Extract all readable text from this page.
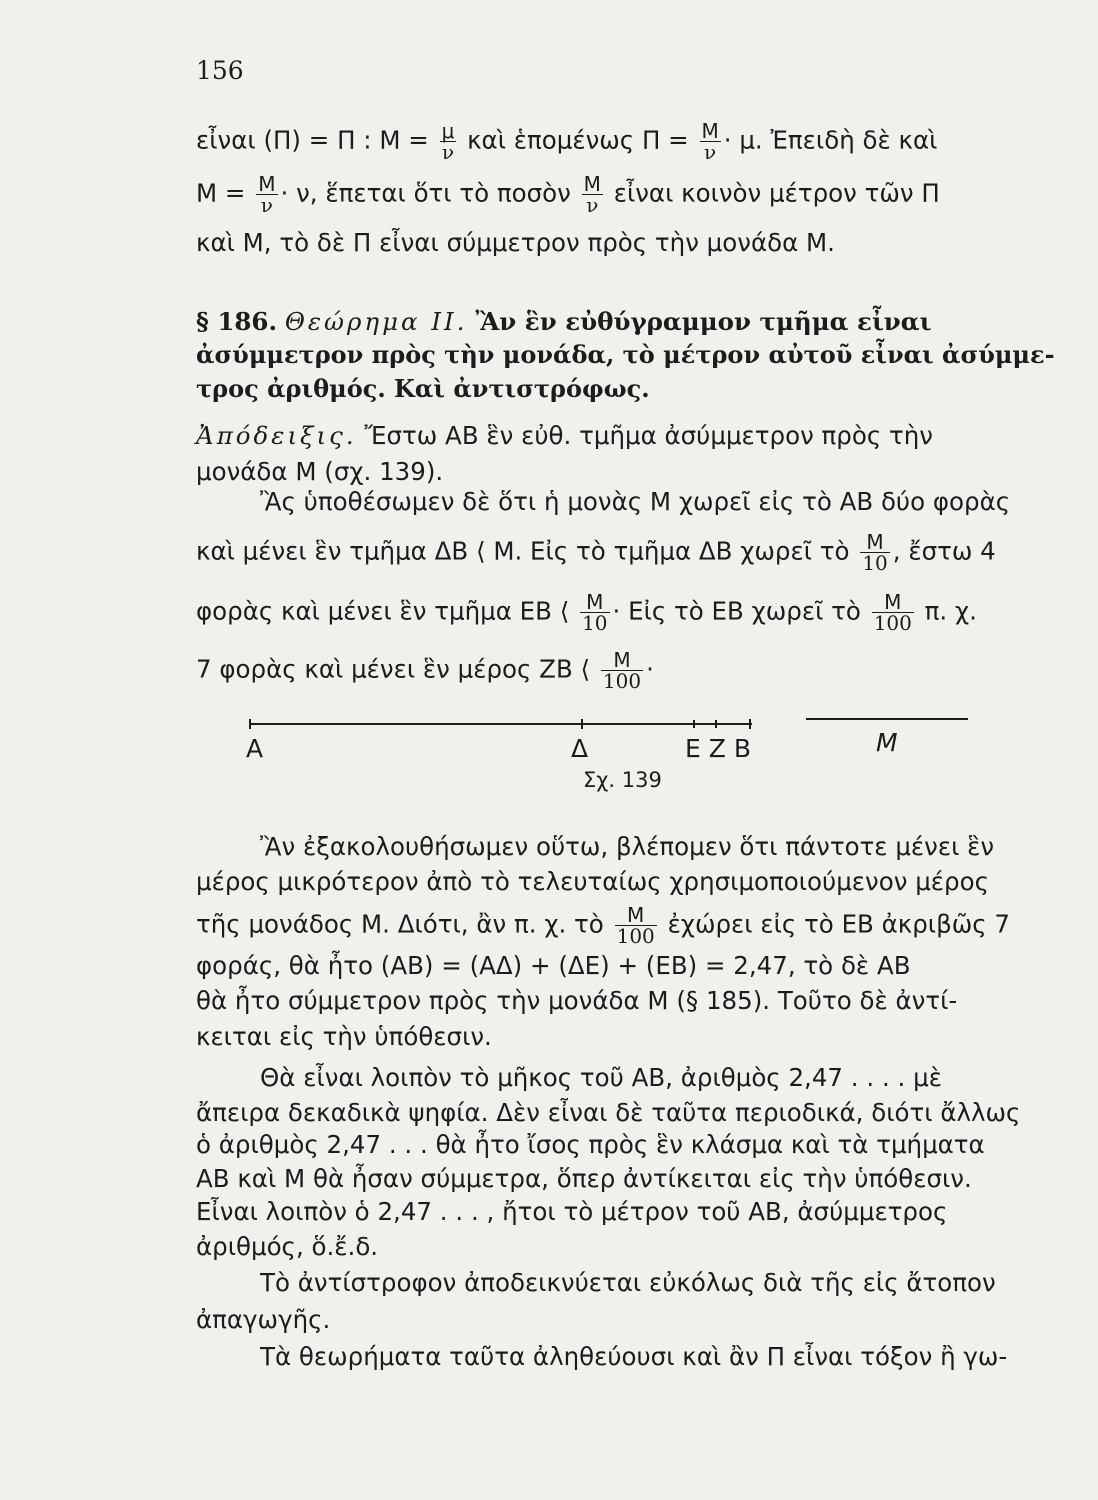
156
εἶναι (Π) = Π : $M = \frac{\mu}{\nu}$ καὶ ἑπομένως $\Pi = \frac{M}{\nu} \cdot \mu$. Ἐπειδὴ δὲ καὶ
$M = \frac{M}{\nu} \cdot \nu$, ἕπεται ὅτι τὸ ποσὸν $\frac{M}{\nu}$ εἶναι κοινὸν μέτρον τῶν Π
καὶ Μ, τὸ δὲ Π εἶναι σύμμετρον πρὸς τὴν μονάδα Μ.
§ 186. Θεώρημα ΙΙ. Ἂν ἓν εὐθύγραμμον τμῆμα εἶναι
ἀσύμμετρον πρὸς τὴν μονάδα, τὸ μέτρον αὐτοῦ εἶναι ἀσύμμε-
τρος ἀριθμός. Καὶ ἀντιστρόφως.
Ἀπόδειξις. Ἔστω ΑΒ ἓν εὐθ. τμῆμα ἀσύμμετρον πρὸς τὴν
μονάδα Μ (σχ. 139).
Ἂς ὑποθέσωμεν δὲ ὅτι ἡ μονὰς Μ χωρεῖ εἰς τὸ ΑΒ δύο φορὰς
καὶ μένει ἓν τμῆμα ΔΒ ⟨ Μ. Εἰς τὸ τμῆμα ΔΒ χωρεῖ τὸ $\frac{M}{10}$ , ἔστω 4
φορὰς καὶ μένει ἓν τμῆμα ΕΒ ⟨ $\frac{M}{10}$ · Εἰς τὸ ΕΒ χωρεῖ τὸ $\frac{M}{100} \pi$. χ.
7 φορὰς καὶ μένει ἓν μέρος ΖΒ ⟨ $\frac{M}{100}$ ·
Α	Δ	Ε Ζ Β	Μ
Σχ. 139
Ἂν ἐξακολουθήσωμεν οὕτω, βλέπομεν ὅτι πάντοτε μένει ἓν
μέρος μικρότερον ἀπὸ τὸ τελευταίως χρησιμοποιούμενον μέρος
τῆς μονάδος Μ. Διότι, ἂν π. χ. τὸ $\frac{M}{100}$ ἐχώρει εἰς τὸ ΕΒ ἀκριβῶς 7
φοράς, θὰ ἦτο (ΑΒ) = (ΑΔ) + (ΔΕ) + (ΕΒ) = 2,47, τὸ δὲ ΑΒ
θὰ ἦτο σύμμετρον πρὸς τὴν μονάδα Μ (§ 185). Τοῦτο δὲ ἀντί-
κειται εἰς τὴν ὑπόθεσιν.
Θὰ εἶναι λοιπὸν τὸ μῆκος τοῦ ΑΒ, ἀριθμὸς 2,47 . . . . μὲ
ἄπειρα δεκαδικὰ ψηφία. Δὲν εἶναι δὲ ταῦτα περιοδικά, διότι ἄλλως
ὁ ἀριθμὸς 2,47 . . . θὰ ἦτο ἴσος πρὸς ἓν κλάσμα καὶ τὰ τμήματα
ΑΒ καὶ Μ θὰ ἦσαν σύμμετρα, ὅπερ ἀντίκειται εἰς τὴν ὑπόθεσιν.
Εἶναι λοιπὸν ὁ 2,47 . . . , ἤτοι τὸ μέτρον τοῦ ΑΒ, ἀσύμμετρος
ἀριθμός, ὅ.ἔ.δ.
Τὸ ἀντίστροφον ἀποδεικνύεται εὐκόλως διὰ τῆς εἰς ἄτοπον
ἀπαγωγῆς.
Τὰ θεωρήματα ταῦτα ἀληθεύουσι καὶ ἂν Π εἶναι τόξον ἢ γω-
